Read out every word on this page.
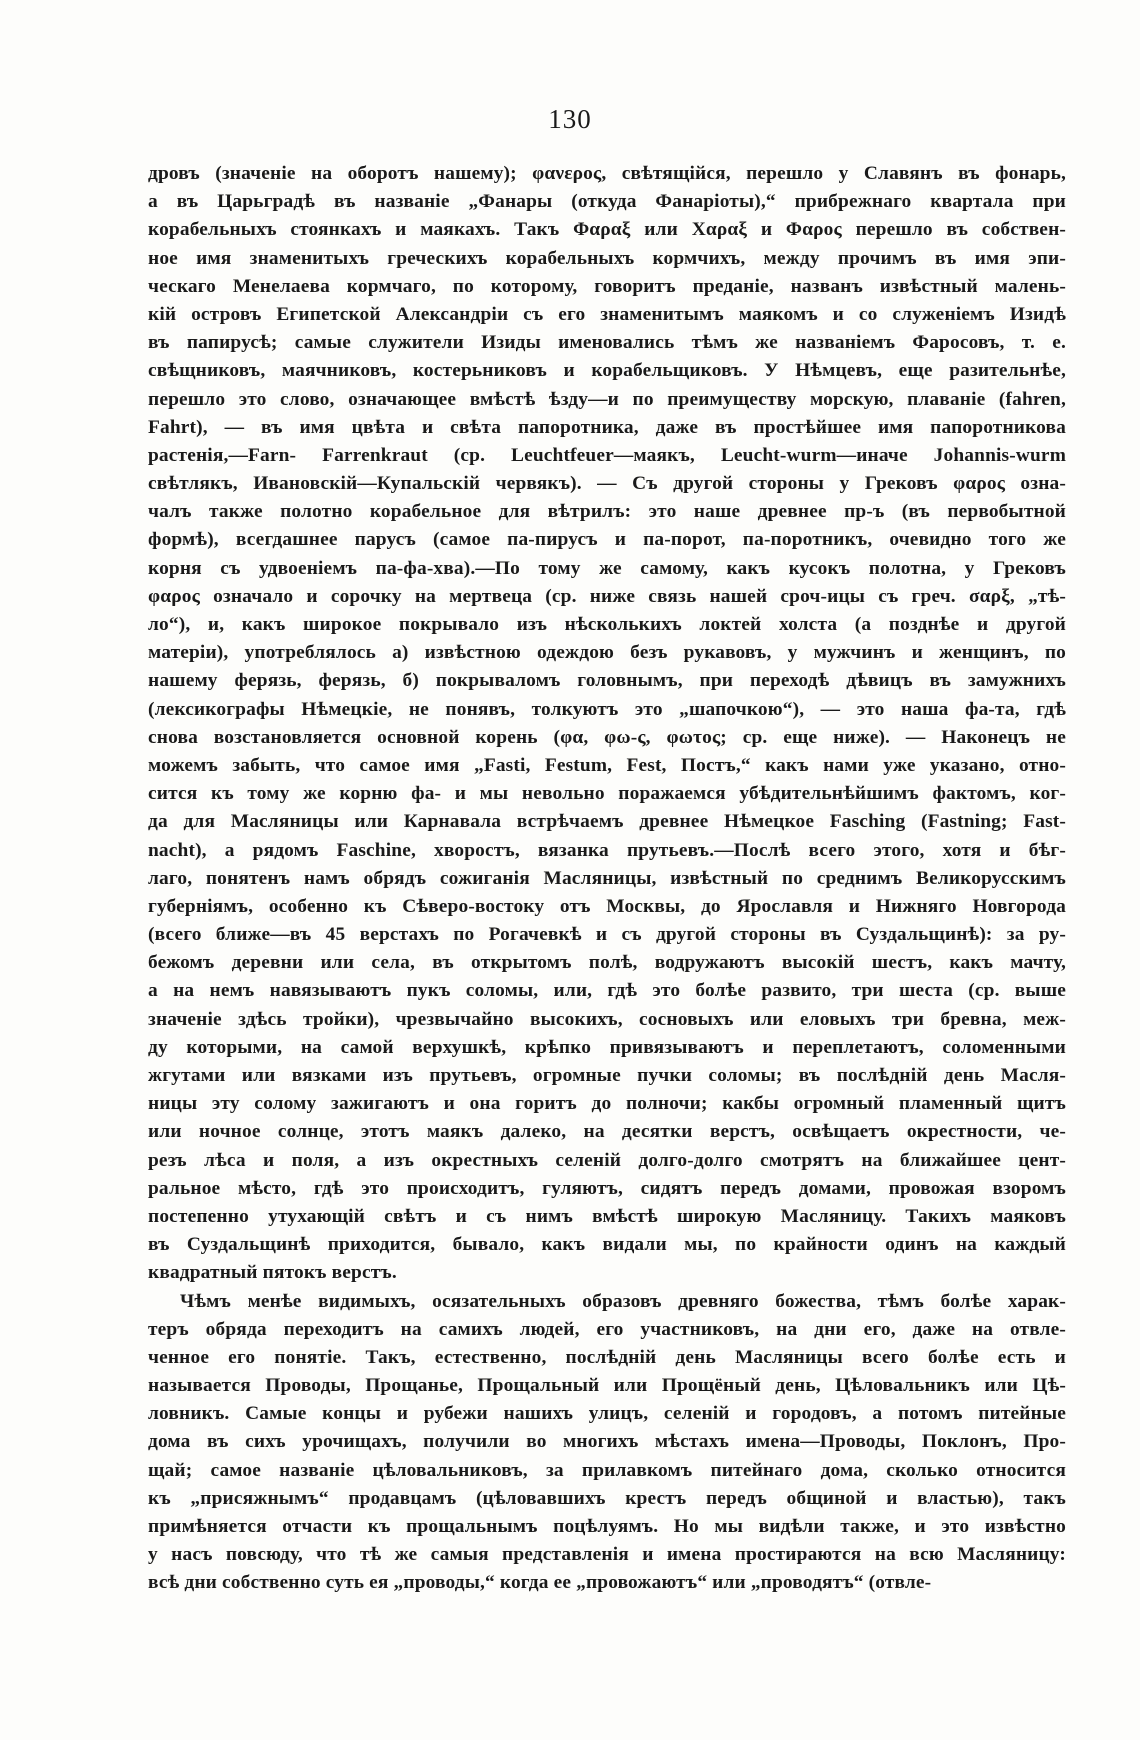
130
дровъ (значеніе на оборотъ нашему); φανερος, свѣтящійся, перешло у Славянъ въ фонарь,
а въ Царьградѣ въ названіе „Фанары (откуда Фанаріоты),“ прибрежнаго квартала при
корабельныхъ стоянкахъ и маякахъ. Такъ Φαραξ или Χαραξ и Φαρος перешло въ собствен-
ное имя знаменитыхъ греческихъ корабельныхъ кормчихъ, между прочимъ въ имя эпи-
ческаго Менелаева кормчаго, по которому, говоритъ преданіе, названъ извѣстный малень-
кій островъ Египетской Александріи съ его знаменитымъ маякомъ и со служеніемъ Изидѣ
въ папирусѣ; самые служители Изиды именовались тѣмъ же названіемъ Фаросовъ, т. е.
свѣщниковъ, маячниковъ, костерьниковъ и корабельщиковъ. У Нѣмцевъ, еще разительнѣе,
перешло это слово, означающее вмѣстѣ ѣзду—и по преимуществу морскую, плаваніе (fahren,
Fahrt), — въ имя цвѣта и свѣта папоротника, даже въ простѣйшее имя папоротникова
растенія,—Farn- Farrenkraut (ср. Leuchtfeuer—маякъ, Leucht-wurm—иначе Johannis-wurm
свѣтлякъ, Ивановскій—Купальскій червякъ). — Съ другой стороны у Грековъ φαρος озна-
чалъ также полотно корабельное для вѣтрилъ: это наше древнее пр-ъ (въ первобытной
формѣ), всегдашнее парусъ (самое па-пирусъ и па-порот, па-поротникъ, очевидно того же
корня съ удвоеніемъ па-фа-хва).—По тому же самому, какъ кусокъ полотна, у Грековъ
φαρος означало и сорочку на мертвеца (ср. ниже связь нашей сроч-ицы съ греч. σαρξ, „тѣ-
ло“), и, какъ широкое покрывало изъ нѣсколькихъ локтей холста (а позднѣе и другой
матеріи), употреблялось а) извѣстною одеждою безъ рукавовъ, у мужчинъ и женщинъ, по
нашему ферязь, ферязь, б) покрываломъ головнымъ, при переходѣ дѣвицъ въ замужнихъ
(лексикографы Нѣмецкіе, не понявъ, толкуютъ это „шапочкою“), — это наша фа-та, гдѣ
снова возстановляется основной корень (φα, φω-ς, φωτος; ср. еще ниже). — Наконецъ не
можемъ забыть, что самое имя „Fasti, Festum, Fest, Постъ,“ какъ нами уже указано, отно-
сится къ тому же корню фа- и мы невольно поражаемся убѣдительнѣйшимъ фактомъ, ког-
да для Масляницы или Карнавала встрѣчаемъ древнее Нѣмецкое Fasching (Fastning; Fast-
nacht), а рядомъ Faschine, хворостъ, вязанка прутьевъ.—Послѣ всего этого, хотя и бѣг-
лаго, понятенъ намъ обрядъ сожиганія Масляницы, извѣстный по среднимъ Великорусскимъ
губерніямъ, особенно къ Сѣверо-востоку отъ Москвы, до Ярославля и Нижняго Новгорода
(всего ближе—въ 45 верстахъ по Рогачевкѣ и съ другой стороны въ Суздальщинѣ): за ру-
бежомъ деревни или села, въ открытомъ полѣ, водружаютъ высокій шестъ, какъ мачту,
а на немъ навязываютъ пукъ соломы, или, гдѣ это болѣе развито, три шеста (ср. выше
значеніе здѣсь тройки), чрезвычайно высокихъ, сосновыхъ или еловыхъ три бревна, меж-
ду которыми, на самой верхушкѣ, крѣпко привязываютъ и переплетаютъ, соломенными
жгутами или вязками изъ прутьевъ, огромные пучки соломы; въ послѣдній день Масля-
ницы эту солому зажигаютъ и она горитъ до полночи; какбы огромный пламенный щитъ
или ночное солнце, этотъ маякъ далеко, на десятки верстъ, освѣщаетъ окрестности, че-
резъ лѣса и поля, а изъ окрестныхъ селеній долго-долго смотрятъ на ближайшее цент-
ральное мѣсто, гдѣ это происходитъ, гуляютъ, сидятъ передъ домами, провожая взоромъ
постепенно утухающій свѣтъ и съ нимъ вмѣстѣ широкую Масляницу. Такихъ маяковъ
въ Суздальщинѣ приходится, бывало, какъ видали мы, по крайности одинъ на каждый
квадратный пятокъ верстъ.
Чѣмъ менѣе видимыхъ, осязательныхъ образовъ древняго божества, тѣмъ болѣе харак-
теръ обряда переходитъ на самихъ людей, его участниковъ, на дни его, даже на отвле-
ченное его понятіе. Такъ, естественно, послѣдній день Масляницы всего болѣе есть и
называется Проводы, Прощанье, Прощальный или Прощёный день, Цѣловальникъ или Цѣ-
ловникъ. Самые концы и рубежи нашихъ улицъ, селеній и городовъ, а потомъ питейные
дома въ сихъ урочищахъ, получили во многихъ мѣстахъ имена—Проводы, Поклонъ, Про-
щай; самое названіе цѣловальниковъ, за прилавкомъ питейнаго дома, сколько относится
къ „присяжнымъ“ продавцамъ (цѣловавшихъ крестъ передъ общиной и властью), такъ
примѣняется отчасти къ прощальнымъ поцѣлуямъ. Но мы видѣли также, и это извѣстно
у насъ повсюду, что тѣ же самыя представленія и имена простираются на всю Масляницу:
всѣ дни собственно суть ея „проводы,“ когда ее „провожаютъ“ или „проводятъ“ (отвле-
